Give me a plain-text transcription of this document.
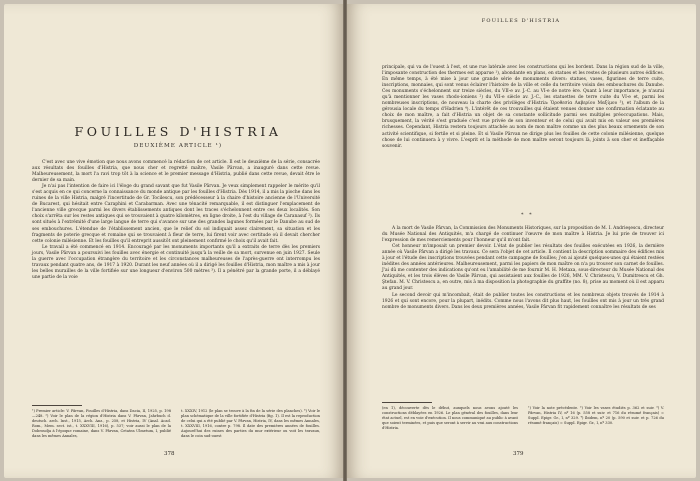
FOUILLES D'HISTRIA
DEUXIÈME ARTICLE ¹)

C'est avec une vive émotion que nous avons commencé la rédaction de cet article. Il est le deuxième de la série, consacrée aux résultats des fouilles d'Histria, que nous cher et regretté maître, Vasile Pârvan, a inauguré dans cette revue. Malheureusement, la mort l'a ravi trop tôt à la science et le premier message d'Histria, publié dans cette revue, devait être le dernier de sa main.

Je n'ai pas l'intention de faire ici l'éloge du grand savant que fut Vasile Pârvan. Je veux simplement rappeler le mérite qu'il s'est acquis en ce qui concerne la connaissance du monde antique par les fouilles d'Histria. Dès 1914, il a mis la pioche dans les ruines de la ville Histria, malgré l'incertitude de Gr. Tocilescu, son prédécesseur à la chaire d'histoire ancienne de l'Université de Bucarest, qui hésitait entre Caraphini et Carabarman. Avec une ténacité remarquable, il est distinguer l'emplacement de l'ancienne ville grecque parmi les divers établissements antiques dont les traces s'échelonnent entre ces deux localités. Son choix s'arrêta sur les restes antiques qui se trouvaient à quatre kilomètres, en ligne droite, à l'est du village de Caranasuf ²). Ils sont situés à l'extrémité d'une large langue de terre qui s'avance sur une des grandes lagunes formées par le Danube au sud de ses embouchures. L'étendue de l'établissement ancien, que le relief du sol indiquait assez clairement, sa situation et les fragments de poterie grecque et romaine qui se trouvaient à fleur de terre, lui firent voir avec certitude où il devait chercher cette colonie milésienne. Et les fouilles qu'il entreprit aussitôt ont pleinement confirmé le choix qu'il avait fait.

Le travail a été commencé en 1914. Encouragé par les monuments importants qu'il a extraits de terre dès les premiers jours, Vasile Pârvan a poursuivi les fouilles avec énergie et continuité jusqu'à la veille de sa mort, survenue en juin 1927. Seule la guerre avec l'occupation étrangère du territoire et les circonstances malheureuses de l'après-guerre ont interrompu les travaux pendant quatre ans, de 1917 à 1920. Durant les neuf années où il a dirigé les fouilles d'Histria, mon maître a mis à jour les belles murailles de la ville fortifiée sur une longueur d'environ 500 mètres ³). Il a pénétré par la grande porte, il a déblayé une partie de la voie

¹) Premier article: V. Pârvan, Fouilles d'Histria, dans Dacia, II, 1925, p. 198—248. ²) Voir le plan de la région d'Histria dans V. Pârvan, Jahrbuch d. deutsch. arch. Inst., 1915, Arch. Anz., p. 258, et Histria, IV (Anal. Acad. Rom., Mem. sect. ist., t. XXXVIII, 1916), p. 537; voir aussi le plan de la Dobroudja à l'époque romaine, dans V. Pârvan, Cetatea Ulmetum, I, publié dans les mêmes Annales,
t. XXXIV, 1912 (le plan se trouve à la fin de la série des planches). ³) Voir le plan schématique de la ville fortifiée d'Histria (fig. 1). Il est la reproduction de celui qui a été publié par V. Pârvan, Histria, IV, dans les mêmes Annales, t. XXXVIII, 1916, contre p. 798. Il date des premières années de fouilles. Aujourd'hui des ruines des parties du mur extérieur ou voit les travaux, dans le coin sud-ouest
378
FOUILLES D'HISTRIA

principale, qui va de l'ouest à l'est, et une rue latérale avec les constructions qui les bordent. Dans la région sud de la ville, l'imposante construction des thermes est apparue ¹), abondante en plans, en statues et les restes de plusieurs autres édifices. En même temps, à été mise à jour une grande série de monuments divers: statues, vases, figurines de terre cuite, inscriptions, monnaies, qui sont venus éclairer l'histoire de la ville et celle du territoire voisin des embouchures du Danube. Ces monuments s'échelonnent sur treize siècles, du VII-e av. J.-C. au VI-e de notre ère. Quant à leur importance, je n'aurai qu'à mentionner les vases rhodo-ioniens ²) du VII-e siècle av. J.-C., les statuettes de terre cuite du VI-e et, parmi les nombreuses inscriptions, de nouveau la charte des privilèges d'Histria: Ὁροθεσία Λαβερίου Μαξίμου ³), et l'album de la gérousia locale du temps d'Hadrien ⁴). L'intérêt de ces trouvailles qui étaient venues donner une confirmation éclatante au choix de mon maître, a fait d'Histria un objet de sa constante sollicitude parmi ses multiples préoccupations. Mais, brusquement, la vérité s'est graduée c'est vue privée de son inventeur et de celui qui avait mis en valeur ses premières richesses. Cependant, Histria restera toujours attachée au nom de mon maître comme un des plus beaux ornements de son activité scientifique, si fertile et si pleine. Et si Vasile Pârvan ne dirige plus les fouilles de cette colonie milésienne, quelque chose de lui continuera à y vivre. L'esprit et la méthode de mon maître seront toujours là, joints à son cher et ineffaçable souvenir.

* *

A la mort de Vasile Pârvan, la Commission des Monuments Historiques, sur la proposition de M. I. Andrieşescu, directeur du Musée National des Antiquités, m'a chargé de continuer l'œuvre de mon maître à Histria. Je lui prie de trouver ici l'expression de mes remerciements pour l'honneur qu'il m'ont fait.

Cet honneur m'imposait un premier devoir. L'état de publier les résultats des fouilles exécutées en 1926, la dernière année où Vasile Pârvan a dirigé les travaux. Ce sera l'objet de cet article. Il contient la description sommaire des édifices mis à jour et l'étude des inscriptions trouvées pendant cette campagne de fouilles; j'en ai ajouté quelques-unes qui étaient restées inédites des années antérieures. Malheureusement, parmi les papiers de mon maître on n'a pu trouver son carnet de fouilles. J'ai dû me contenter des indications qu'ont eu l'amabilité de me fournir M. H. Metaxa, sous-directeur du Musée National des Antiquités, et les trois élèves de Vasile Pârvan, qui assistaient aux fouilles de 1926, MM. V. Christescu, V. Dumitrescu et Gh. Ştefan. M. V. Christescu a, en outre, mis à ma disposition la photographie du graffite (no. 8), prise au moment où il est apparu au grand jour.

Le second devoir qui m'incombait, était de publier toutes les constructions et les nombreux objets trouvés de 1914 à 1926 et qui sont encore, pour la plupart, inédits. Comme nous l'avons dit plus haut, les fouilles ont mis à jour un très grand nombre de monuments divers. Dans les deux premières années, Vasile Pârvan fit rapidement connaître les résultats de ses

(en 1), découverte dès le début, auxquels nous avons ajouté les constructions déblayées en 1926. Le plan général des fouilles, dans leur état actuel, est en voie d'exécution. Il nous communiqué au public à avant que soient terminées, et puis que seront à servir au vrai aux constructions d'Histria.
¹) Voir la note précédente. ²) Voir les vases étudiés p. 362 et suiv. ³) V. Pârvan, Histria IV, nº 16 (p. 558 et suiv. et 716 du résumé français) = Suppl. Epigr. Gr., I, nº 329. ⁴) Ibidem, nº 20 (p. 590 et suiv. et p. 726 du résumé français) = Suppl. Epigr. Gr., I, nº 330.
379
